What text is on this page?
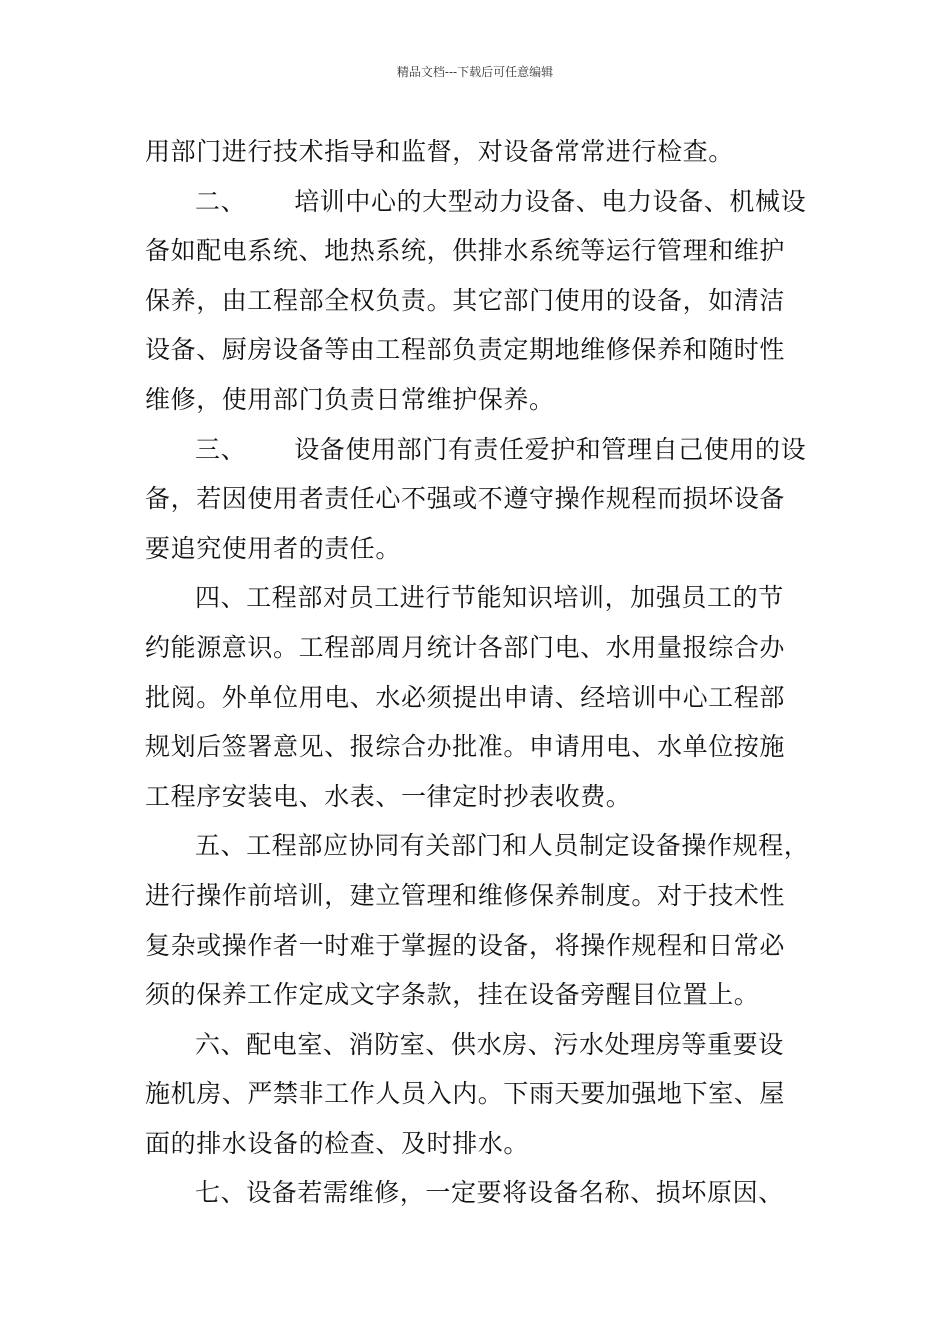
精品文档---下载后可任意编辑
用部门进行技术指导和监督，对设备常常进行检查。
二、 培训中心的大型动力设备、电力设备、机械设
备如配电系统、地热系统，供排水系统等运行管理和维护
保养，由工程部全权负责。其它部门使用的设备，如清洁
设备、厨房设备等由工程部负责定期地维修保养和随时性
维修，使用部门负责日常维护保养。
三、 设备使用部门有责任爱护和管理自己使用的设
备，若因使用者责任心不强或不遵守操作规程而损坏设备
要追究使用者的责任。
四、工程部对员工进行节能知识培训，加强员工的节
约能源意识。工程部周月统计各部门电、水用量报综合办
批阅。外单位用电、水必须提出申请、经培训中心工程部
规划后签署意见、报综合办批准。申请用电、水单位按施
工程序安装电、水表、一律定时抄表收费。
五、工程部应协同有关部门和人员制定设备操作规程，
进行操作前培训，建立管理和维修保养制度。对于技术性
复杂或操作者一时难于掌握的设备，将操作规程和日常必
须的保养工作定成文字条款，挂在设备旁醒目位置上。
六、配电室、消防室、供水房、污水处理房等重要设
施机房、严禁非工作人员入内。下雨天要加强地下室、屋
面的排水设备的检查、及时排水。
七、设备若需维修，一定要将设备名称、损坏原因、
